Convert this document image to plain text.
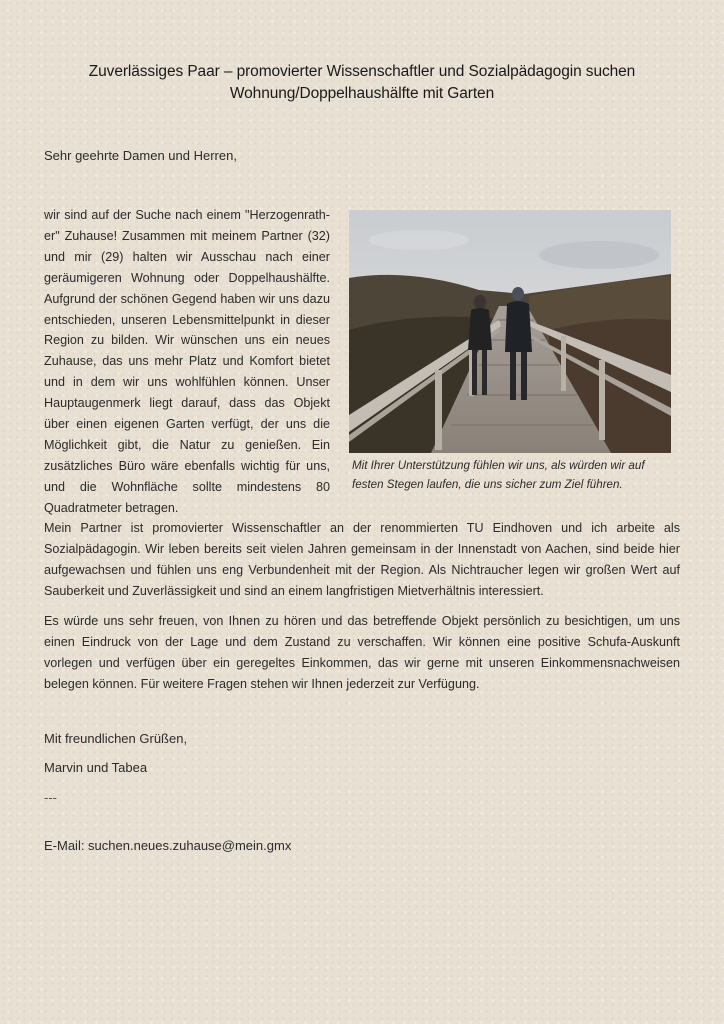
Zuverlässiges Paar – promovierter Wissenschaftler und Sozialpädagogin suchen
Wohnung/Doppelhaushälfte mit Garten
Sehr geehrte Damen und Herren,
wir sind auf der Suche nach einem "Herzogenrath-er" Zuhause! Zusammen mit meinem Partner (32) und mir (29) halten wir Ausschau nach einer geräumigeren Wohnung oder Doppelhaushälfte. Aufgrund der schönen Gegend haben wir uns dazu entschieden, unseren Lebensmittelpunkt in dieser Region zu bilden. Wir wünschen uns ein neues Zuhause, das uns mehr Platz und Komfort bietet und in dem wir uns wohlfühlen können. Unser Hauptaugenmerk liegt darauf, dass das Objekt über einen eigenen Garten verfügt, der uns die Möglichkeit gibt, die Natur zu genießen. Ein zusätzliches Büro wäre ebenfalls wichtig für uns, und die Wohnfläche sollte mindestens 80 Quadratmeter betragen.
Mit Ihrer Unterstützung fühlen wir uns, als würden wir auf festen Stegen laufen, die uns sicher zum Ziel führen.
Mein Partner ist promovierter Wissenschaftler an der renommierten TU Eindhoven und ich arbeite als Sozialpädagogin. Wir leben bereits seit vielen Jahren gemeinsam in der Innenstadt von Aachen, sind beide hier aufgewachsen und fühlen uns eng Verbundenheit mit der Region. Als Nichtraucher legen wir großen Wert auf Sauberkeit und Zuverlässigkeit und sind an einem langfristigen Mietverhältnis interessiert.
Es würde uns sehr freuen, von Ihnen zu hören und das betreffende Objekt persönlich zu besichtigen, um uns einen Eindruck von der Lage und dem Zustand zu verschaffen. Wir können eine positive Schufa-Auskunft vorlegen und verfügen über ein geregeltes Einkommen, das wir gerne mit unseren Einkommensnachweisen belegen können. Für weitere Fragen stehen wir Ihnen jederzeit zur Verfügung.
Mit freundlichen Grüßen,
Marvin und Tabea
---
E-Mail: suchen.neues.zuhause@mein.gmx
